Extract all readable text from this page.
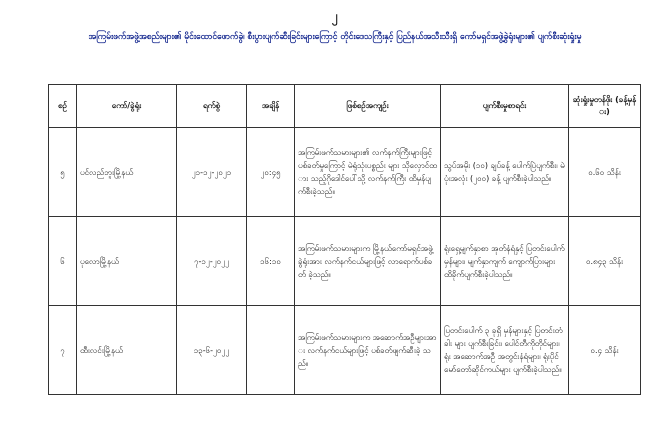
၂
အကြမ်းဖက်အဖွဲ့အစည်းများ၏ မိုင်းထောင်ဖောက်ခွဲ၊ စီးပွားပျက်ဆီးခြင်းများကြောင့် တိုင်းဒေသကြီးနှင့် ပြည်နယ်အသီးသီးရှိ ကော်မရှင်အဖွဲ့ခွဲရုံးများ၏ ပျက်စီးဆုံးရှုံးမှု
စဉ်	ကော်/ခွဲရုံး	ရက်စွဲ	အချိန်	ဖြစ်စဉ်အကျဉ်း	ပျက်စီးမှုစာရင်း	ဆုံးရှုံးမှုတန်ဖိုး (ခန့်မှန်း)
၅	ပင်လည်ဘူးမြို့နယ်	၂၁-၁၂-၂၀၂၁	၂၀:၄၅	အကြမ်းဖက်သမားများ၏ လက်နက်ကြီးများဖြင့် ပစ်ခတ်မှုကြောင့် မဲရုံသုံးပစ္စည်း များ သိုလှောင်ထား သည့်ဂိုဒေါင်ပေါ်သို့ လက်နက်ကြီး ထိမှန်ပျက်စီးခဲ့သည်။	သွပ်အမိုး (၁၀) ချပ်ခန့် ပေါက်ပြဲပျက်စီး၊ မဲပုံးအလုံး (၂၀၀) ခန့် ပျက်စီးခဲ့ပါသည်။	၀.၆၀ သိန်း
၆	ပုလောမြို့နယ်	၇-၁၂-၂၀၂၂	၁၆:၁၀	အကြမ်းဖက်သမားများက မြို့နယ်ကော်မရှင်အဖွဲ့ခွဲရုံးအား လက်နက်ငယ်များဖြင့် လာရောက်ပစ်ခတ် ခဲ့သည်။	ရုံးရှေ့မျက်နှာစာ အုတ်နံရံနှင့် ပြတင်းပေါက် မှန်များ၊ မျက်နှာကျက် ကျောက်ပြားများ ထိခိုက်ပျက်စီးခဲ့ပါသည်။	၀.၈၄၃ သိန်း
၇	ထီးလင်းမြို့နယ်	၁၃-၆-၂၀၂၂		အကြမ်းဖက်သမားများက အဆောက်အဦများအား လက်နက်ငယ်များဖြင့် ပစ်ခတ်ဖျက်ဆီးခဲ့ သည်။	ပြတင်းပေါက် ၃ ခုရှိ မှန်များနှင့် ပြတင်းတံခါး များ ပျက်စီးခြင်း၊ ပေါင်တီကိုတိုင်များ၊ ရုံး အဆောက်အဦ အတွင်းနံရံများ၊ ရုံးပိုင် မော်တော်ဆိုင်ကယ်များ ပျက်စီးခဲ့ပါသည်။	၀.၄ သိန်း
